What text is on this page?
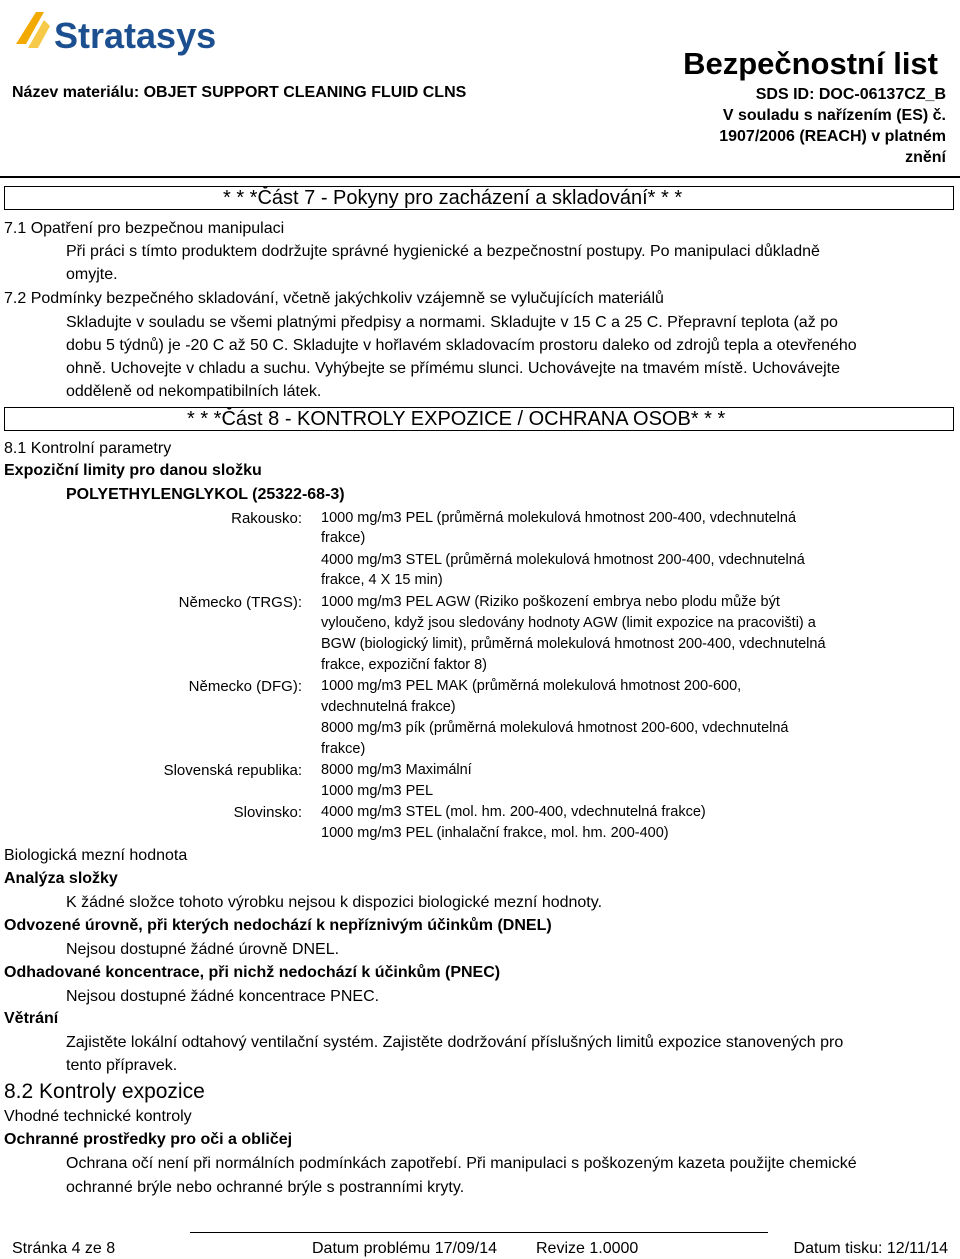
Stratasys
Bezpečnostní list
Název materiálu: OBJET SUPPORT CLEANING FLUID CLNS	SDS ID: DOC-06137CZ_B
V souladu s nařízením (ES) č.
1907/2006 (REACH) v platném
znění
* * *Část 7 - Pokyny pro zacházení a skladování* * *
7.1 Opatření pro bezpečnou manipulaci
Při práci s tímto produktem dodržujte správné hygienické a bezpečnostní postupy. Po manipulaci důkladně
omyjte.
7.2 Podmínky bezpečného skladování, včetně jakýchkoliv vzájemně se vylučujících materiálů
Skladujte v souladu se všemi platnými předpisy a normami. Skladujte v 15 C a 25 C. Přepravní teplota (až po
dobu 5 týdnů) je -20 C až 50 C. Skladujte v hořlavém skladovacím prostoru daleko od zdrojů tepla a otevřeného
ohně. Uchovejte v chladu a suchu. Vyhýbejte se přímému slunci. Uchovávejte na tmavém místě. Uchovávejte
odděleně od nekompatibilních látek.
* * *Část 8 - KONTROLY EXPOZICE / OCHRANA OSOB* * *
8.1 Kontrolní parametry
Expoziční limity pro danou složku
POLYETHYLENGLYKOL (25322-68-3)
Rakousko: 1000 mg/m3 PEL (průměrná molekulová hmotnost 200-400, vdechnutelná
frakce)
4000 mg/m3 STEL (průměrná molekulová hmotnost 200-400, vdechnutelná
frakce, 4 X 15 min)
Německo (TRGS): 1000 mg/m3 PEL AGW (Riziko poškození embrya nebo plodu může být
vyloučeno, když jsou sledovány hodnoty AGW (limit expozice na pracovišti) a
BGW (biologický limit), průměrná molekulová hmotnost 200-400, vdechnutelná
frakce, expoziční faktor 8)
Německo (DFG): 1000 mg/m3 PEL MAK (průměrná molekulová hmotnost 200-600,
vdechnutelná frakce)
8000 mg/m3 pík (průměrná molekulová hmotnost 200-600, vdechnutelná
frakce)
Slovenská republika: 8000 mg/m3 Maximální
1000 mg/m3 PEL
Slovinsko: 4000 mg/m3 STEL (mol. hm. 200-400, vdechnutelná frakce)
1000 mg/m3 PEL (inhalační frakce, mol. hm. 200-400)
Biologická mezní hodnota
Analýza složky
K žádné složce tohoto výrobku nejsou k dispozici biologické mezní hodnoty.
Odvozené úrovně, při kterých nedochází k nepříznivým účinkům (DNEL)
Nejsou dostupné žádné úrovně DNEL.
Odhadované koncentrace, při nichž nedochází k účinkům (PNEC)
Nejsou dostupné žádné koncentrace PNEC.
Větrání
Zajistěte lokální odtahový ventilační systém. Zajistěte dodržování příslušných limitů expozice stanovených pro
tento přípravek.
8.2 Kontroly expozice
Vhodné technické kontroly
Ochranné prostředky pro oči a obličej
Ochrana očí není při normálních podmínkách zapotřebí. Při manipulaci s poškozeným kazeta použijte chemické
ochranné brýle nebo ochranné brýle s postranními kryty.
Stránka 4 ze 8	Datum problému 17/09/14 Revize 1.0000	Datum tisku: 12/11/14
